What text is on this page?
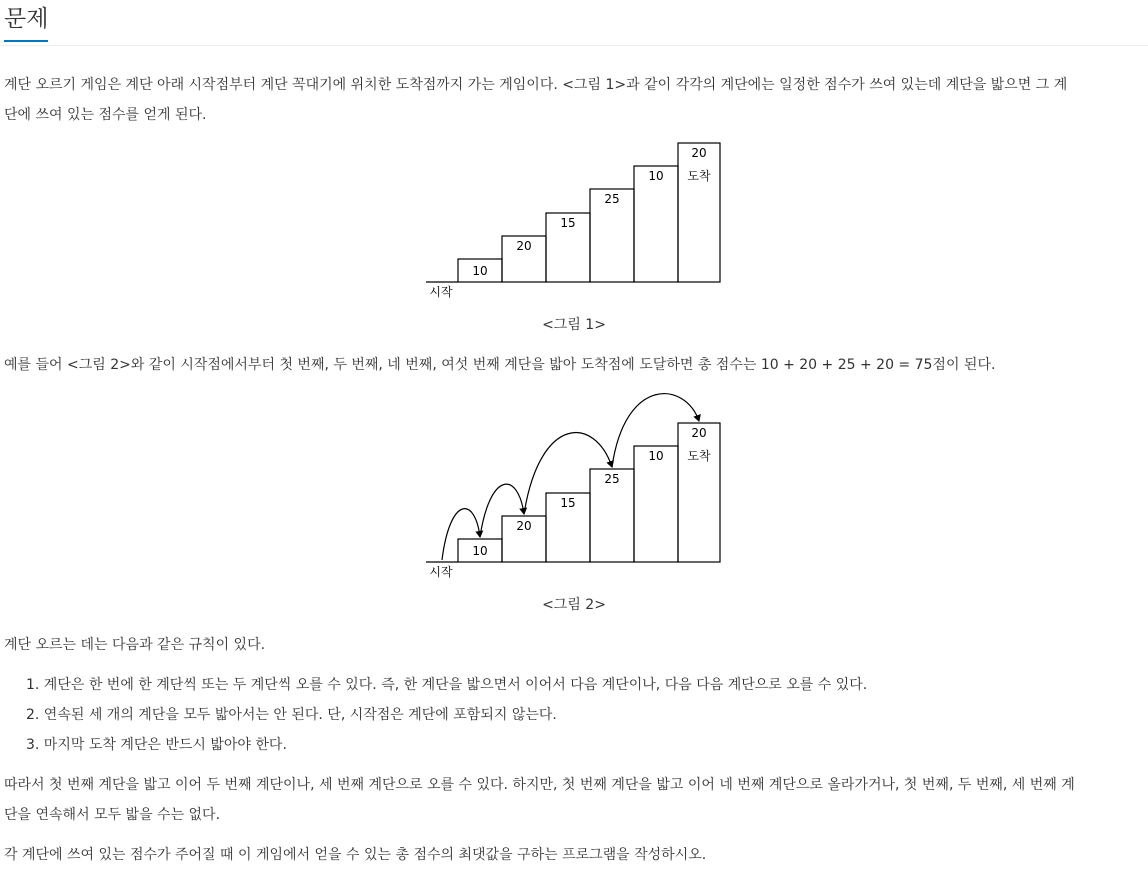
문제
계단 오르기 게임은 계단 아래 시작점부터 계단 꼭대기에 위치한 도착점까지 가는 게임이다. <그림 1>과 같이 각각의 계단에는 일정한 점수가 쓰여 있는데 계단을 밟으면 그 계
단에 쓰여 있는 점수를 얻게 된다.
10
20
15
25
10
20
도착
시작
<그림 1>
예를 들어 <그림 2>와 같이 시작점에서부터 첫 번째, 두 번째, 네 번째, 여섯 번째 계단을 밟아 도착점에 도달하면 총 점수는 10 + 20 + 25 + 20 = 75점이 된다.
10
20
15
25
10
20
도착
시작
<그림 2>
계단 오르는 데는 다음과 같은 규칙이 있다.
1. 계단은 한 번에 한 계단씩 또는 두 계단씩 오를 수 있다. 즉, 한 계단을 밟으면서 이어서 다음 계단이나, 다음 다음 계단으로 오를 수 있다.
2. 연속된 세 개의 계단을 모두 밟아서는 안 된다. 단, 시작점은 계단에 포함되지 않는다.
3. 마지막 도착 계단은 반드시 밟아야 한다.
따라서 첫 번째 계단을 밟고 이어 두 번째 계단이나, 세 번째 계단으로 오를 수 있다. 하지만, 첫 번째 계단을 밟고 이어 네 번째 계단으로 올라가거나, 첫 번째, 두 번째, 세 번째 계
단을 연속해서 모두 밟을 수는 없다.
각 계단에 쓰여 있는 점수가 주어질 때 이 게임에서 얻을 수 있는 총 점수의 최댓값을 구하는 프로그램을 작성하시오.
